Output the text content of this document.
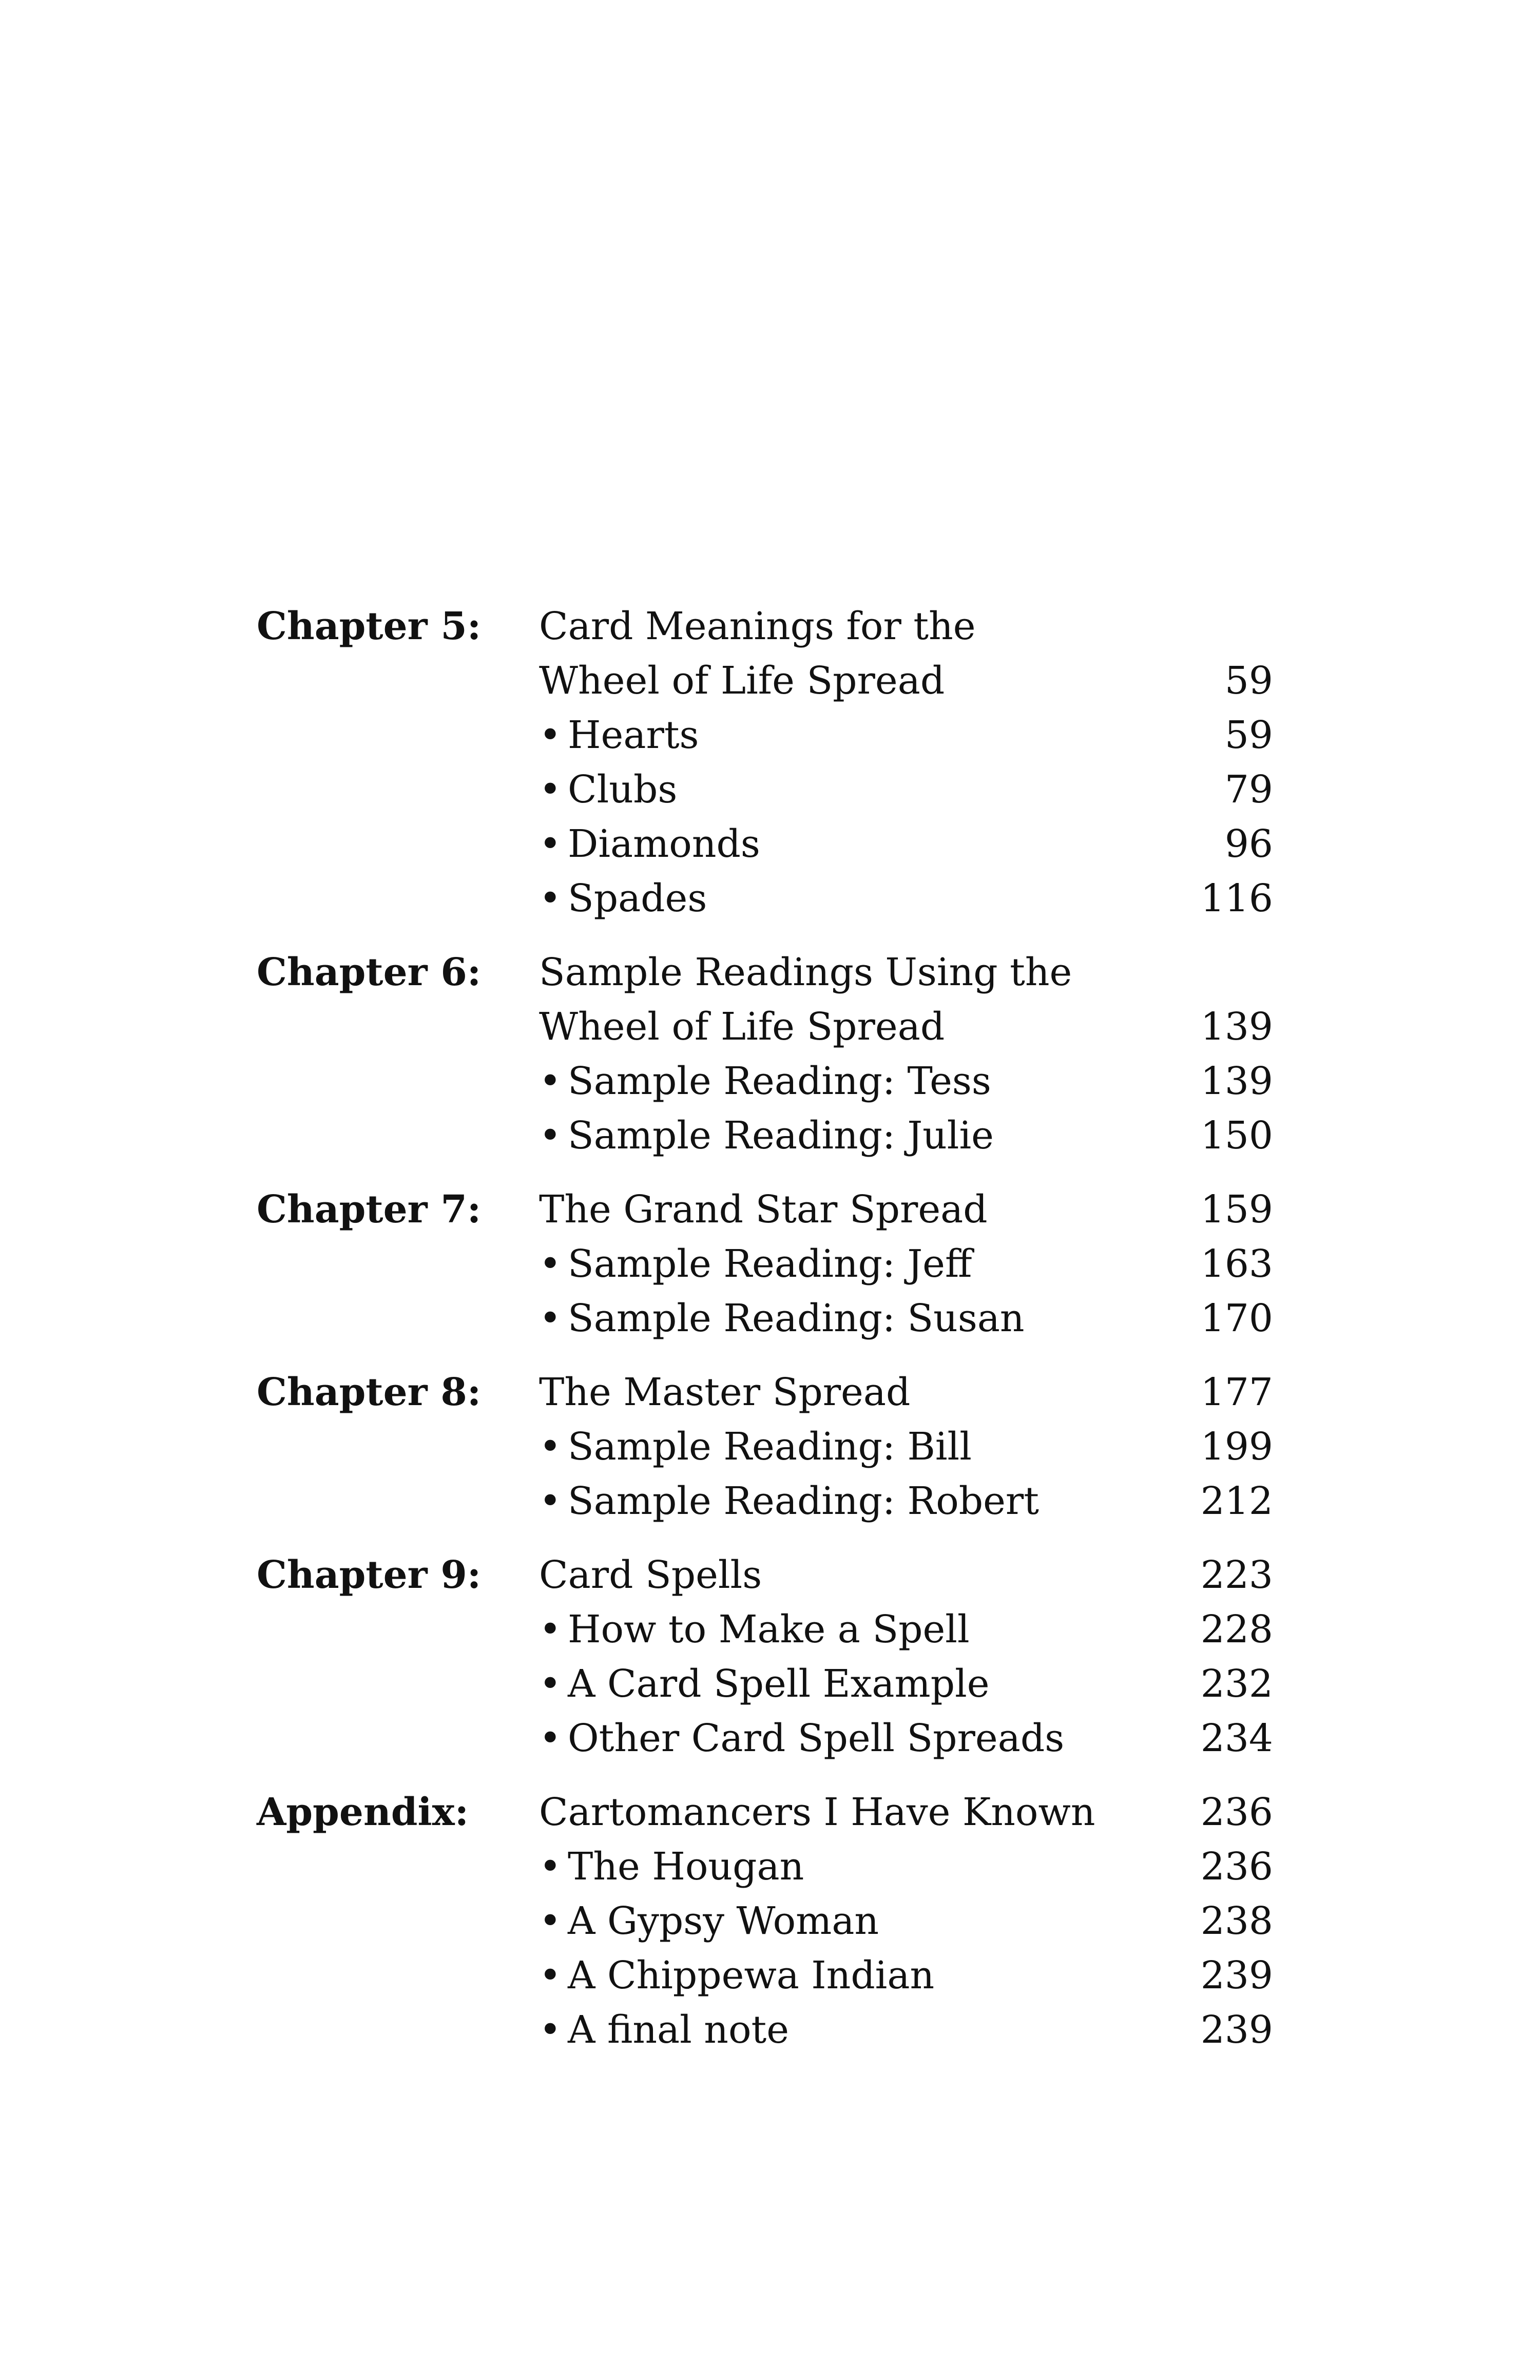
Chapter 5: Card Meanings for the
Wheel of Life Spread	59
• Hearts	59
• Clubs	79
• Diamonds	96
• Spades	116
Chapter 6: Sample Readings Using the
Wheel of Life Spread	139
• Sample Reading: Tess	139
• Sample Reading: Julie	150
Chapter 7: The Grand Star Spread	159
• Sample Reading: Jeff	163
• Sample Reading: Susan	170
Chapter 8: The Master Spread	177
• Sample Reading: Bill	199
• Sample Reading: Robert	212
Chapter 9: Card Spells	223
• How to Make a Spell	228
• A Card Spell Example	232
• Other Card Spell Spreads	234
Appendix: Cartomancers I Have Known	236
• The Hougan	236
• A Gypsy Woman	238
• A Chippewa Indian	239
• A final note	239
